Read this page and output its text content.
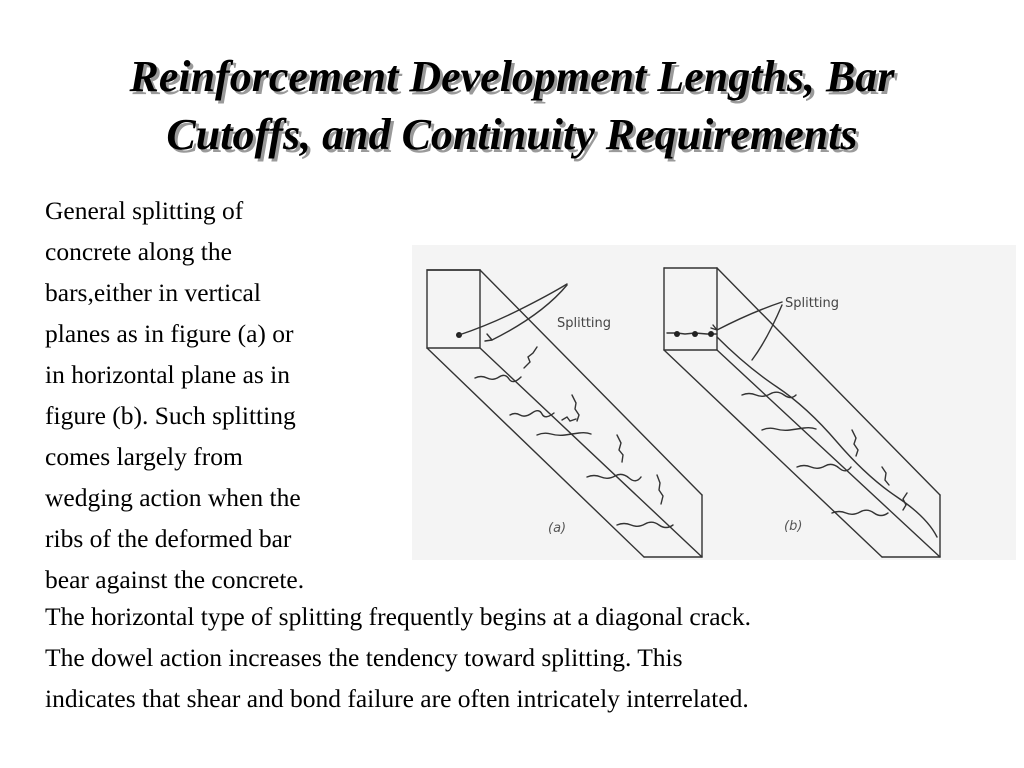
Reinforcement Development Lengths, Bar
Cutoffs, and Continuity Requirements

General splitting of
concrete along the
bars,either in vertical
planes as in figure (a) or
in horizontal plane as in
figure (b). Such splitting
comes largely from
wedging action when the
ribs of the deformed bar
bear against the concrete.

Splitting
Splitting
(a)	(b)

The horizontal type of splitting frequently begins at a diagonal crack.
The dowel action increases the tendency toward splitting. This
indicates that shear and bond failure are often intricately interrelated.
